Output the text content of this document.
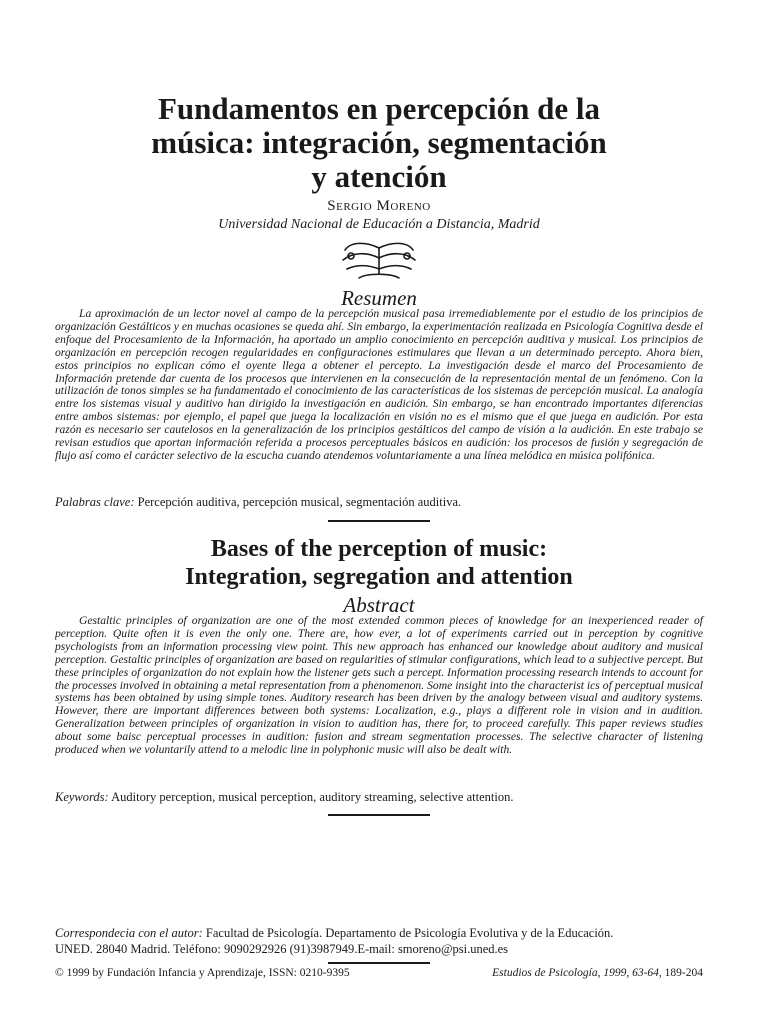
Fundamentos en percepción de la
música: integración, segmentación
y atención
Sergio Moreno
Universidad Nacional de Educación a Distancia, Madrid
Resumen

La aproximación de un lector novel al campo de la percepción musical pasa irremediablemente por el estudio de los principios de organización Gestálticos y en muchas ocasiones se queda ahí. Sin embargo, la experimentación realizada en Psicología Cognitiva desde el enfoque del Procesamiento de la Información, ha aportado un amplio conocimiento en percepción auditiva y musical. Los principios de organización en percepción recogen regularidades en configuraciones estimulares que llevan a un determinado percepto. Ahora bien, estos principios no explican cómo el oyente llega a obtener el percepto. La investigación desde el marco del Procesamiento de Información pretende dar cuenta de los procesos que intervienen en la consecución de la representación mental de un fenómeno. Con la utilización de tonos simples se ha fundamentado el conocimiento de las características de los sistemas de percepción musical. La analogía entre los sistemas visual y auditivo han dirigido la investigación en audición. Sin embargo, se han encontrado importantes diferencias entre ambos sistemas: por ejemplo, el papel que juega la localización en visión no es el mismo que el que juega en audición. Por esta razón es necesario ser cautelosos en la generalización de los principios gestálticos del campo de visión a la audición. En este trabajo se revisan estudios que aportan información referida a procesos perceptuales básicos en audición: los procesos de fusión y segregación de flujo así como el carácter selectivo de la escucha cuando atendemos voluntariamente a una línea melódica en música polifónica.

Palabras clave: Percepción auditiva, percepción musical, segmentación auditiva.
Bases of the perception of music:
Integration, segregation and attention
Abstract

Gestaltic principles of organization are one of the most extended common pieces of knowledge for an inexperienced reader of perception. Quite often it is even the only one. There are, how ever, a lot of experiments carried out in perception by cognitive psychologists from an information processing view point. This new approach has enhanced our knowledge about auditory and musical perception. Gestaltic principles of organization are based on regularities of stimular configurations, which lead to a subjective percept. But these principles of organization do not explain how the listener gets such a percept. Information processing research intends to account for the processes involved in obtaining a metal representation from a phenomenon. Some insight into the characterist ics of perceptual musical systems has been obtained by using simple tones. Auditory research has been driven by the analogy between visual and auditory systems. However, there are important differences between both systems: Localization, e.g., plays a different role in vision and in audition. Generalization between principles of organization in vision to audition has, there for, to proceed carefully. This paper reviews studies about some baisc perceptual processes in audition: fusion and stream segmentation processes. The selective character of listening produced when we voluntarily attend to a melodic line in polyphonic music will also be dealt with.

Keywords: Auditory perception, musical perception, auditory streaming, selective attention.
Correspondecia con el autor: Facultad de Psicología. Departamento de Psicología Evolutiva y de la Educación.
UNED. 28040 Madrid. Teléfono: 9090292926 (91)3987949.E-mail: smoreno@psi.uned.es
© 1999 by Fundación Infancia y Aprendizaje, ISSN: 0210-9395	Estudios de Psicología, 1999, 63-64, 189-204
